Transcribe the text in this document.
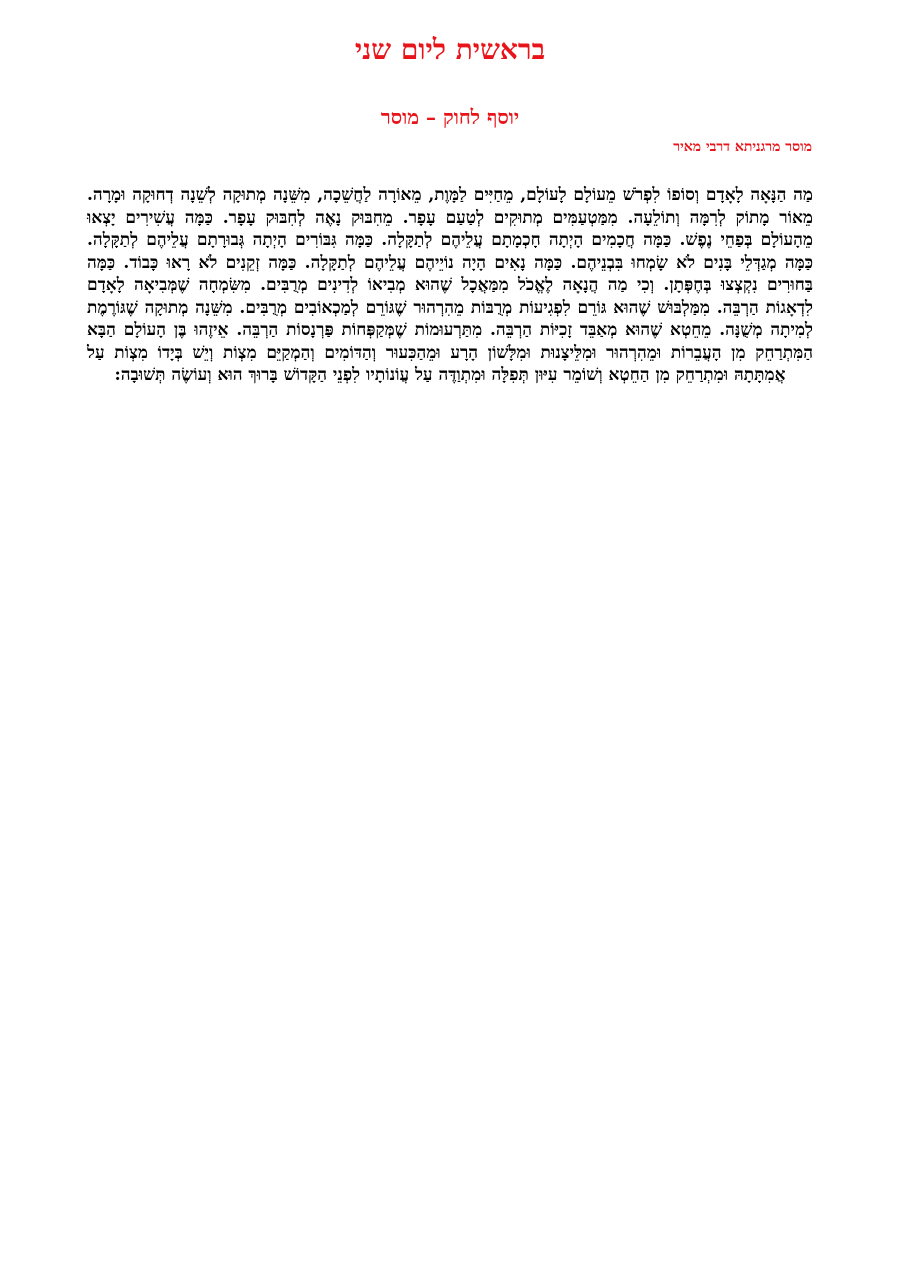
בראשית ליום שני
יוסף לחוק – מוסר
מוסר מרגניתא דרבי מאיר

מַה הַנָּאָה לָאָדָם וְסוֹפוֹ לִפְרֹשׁ מֵעוֹלָם לָעוֹלָם, מֵחַיִּים לַמָּוֶת, מֵאוֹרָה לַחֲשֵׁכָה, מִשֵּׁנָה מְתוּקָה לְשֵׁנָה דְחוּקָה וּמָרָה. מֵאוֹר מָתוֹק לְרִמָּה וְתוֹלֵעָה. מִמַּטְעַמִּים מְתוּקִים לְטַעַם עָפָר. מֵחִבּוּק נָאֶה לְחִבּוּק עָפָר. כַּמָּה עֲשִׁירִים יָצְאוּ מֵהָעוֹלָם בְּפַחֵי נֶפֶשׁ. כַּמָּה חֲכָמִים הָיְתָה חָכְמָתָם עֲלֵיהֶם לְתַקָּלָה. כַּמָּה גִּבּוֹרִים הָיְתָה גְּבוּרָתָם עֲלֵיהֶם לְתַקָּלָה. כַּמָּה מְגַדְּלֵי בָּנִים לֹא שָׂמְחוּ בִּבְנֵיהֶם. כַּמָּה נָאִים הָיָה נוֹיֵיהֶם עֲלֵיהֶם לְתַקָּלָה. כַּמָּה זְקֵנִים לֹא רָאוּ כָּבוֹד. כַּמָּה בַּחוּרִים נִקְצְצוּ בְּחֶפְּתָן. וְכִי מַה הֲנָאָה לֶאֱכֹל מִמַּאֲכָל שֶׁהוּא מְבִיאוֹ לְדִינִים מְרֻבִּים. מִשִּׂמְחָה שֶׁמְּבִיאָה לָאָדָם לִדְאָגוֹת הַרְבֵּה. מִמַּלְבּוּשׁ שֶׁהוּא גּוֹרֵם לִפְגִיעוֹת מְרֻבּוֹת מֵהִרְהוּר שֶׁגּוֹרֵם לְמַכְאוֹבִים מְרֻבִּים. מִשֵּׁנָה מְתוּקָה שֶׁגּוֹרֶמֶת לְמִיתָה מְשֻׁנָּה. מֵחֵטְא שֶׁהוּא מְאַבֵּד זָכִיּוֹת הַרְבֵּה. מִתַּרְעוּמוֹת שֶׁמְּקַפְּחוֹת פַּרְנָסוֹת הַרְבֵּה. אֵיזֶהוּ בֶּן הָעוֹלָם הַבָּא הַמִּתְרַחֵק מִן הָעֲבֵרוֹת וּמֵהִרְהוּר וּמִלֵּיצָנוּת וּמִלָּשׁוֹן הָרָע וּמֵהַכִּעוּר וְהַדּוֹמִים וְהַמְקַיֵּם מִצְוֹת וְיֵשׁ בְּיָדוֹ מִצְוֹת עַל אֲמִתָּתָהּ וּמִתְרַחֵק מִן הַחֵטְא וְשׁוֹמֵר עִיּוּן תְּפִלָּה וּמִתְוַדֶּה עַל עֲוֹנוֹתָיו לִפְנֵי הַקָּדוֹשׁ בָּרוּךְ הוּא וְעוֹשֶׂה תְּשׁוּבָה:
